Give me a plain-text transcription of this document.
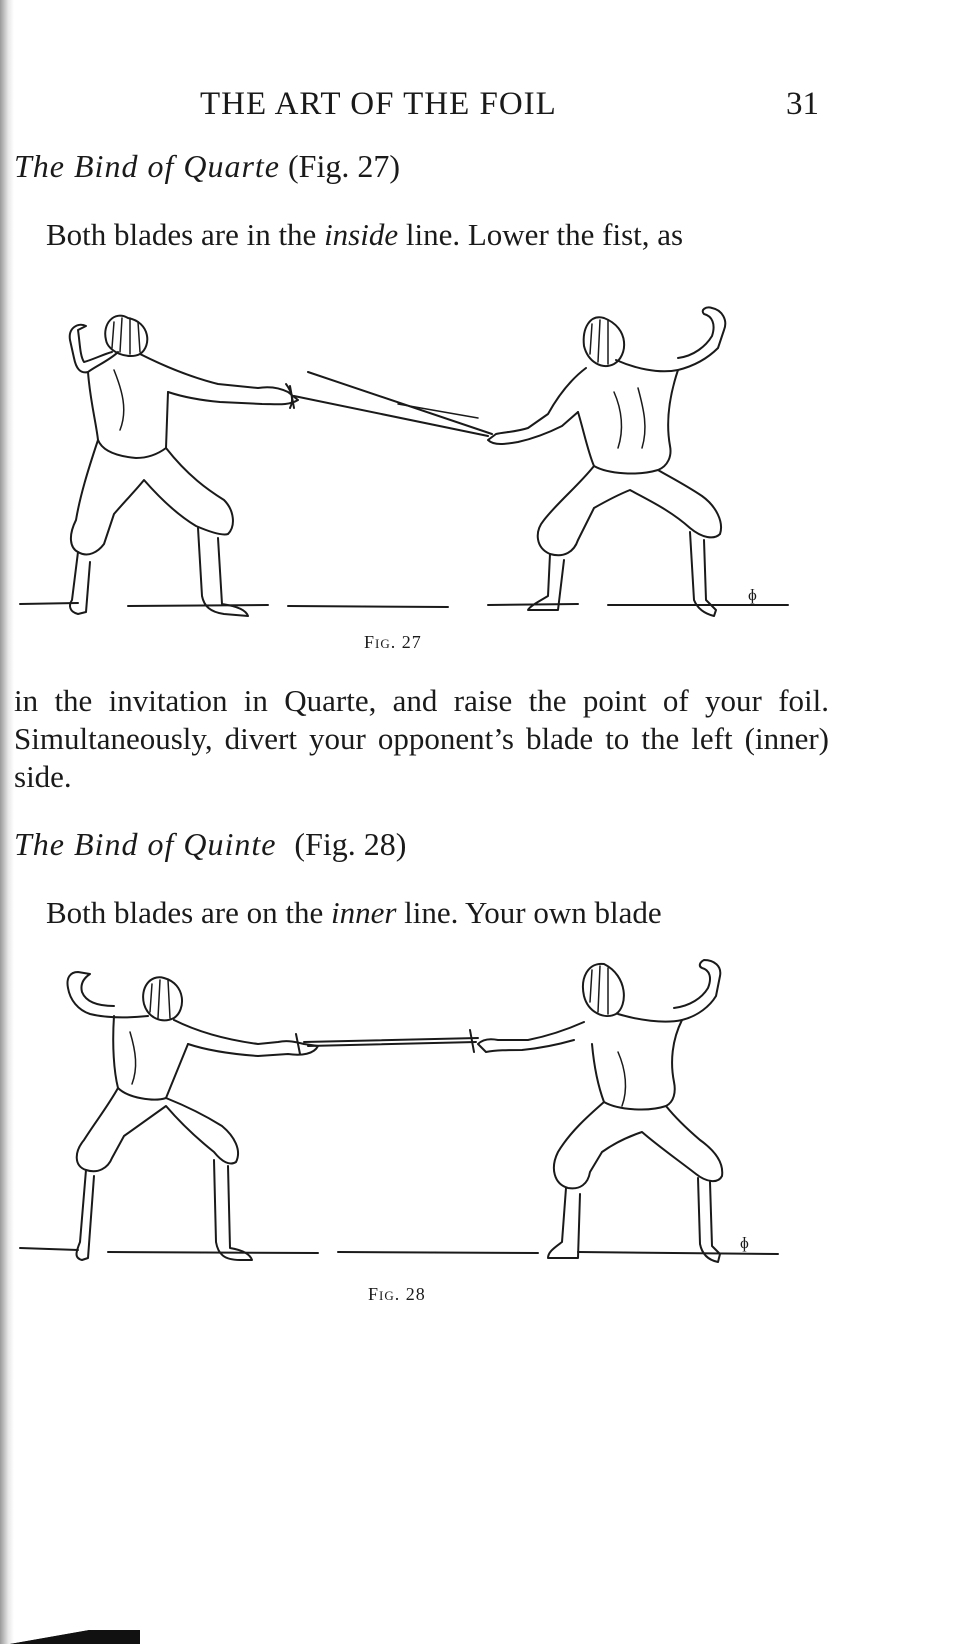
THE ART OF THE FOIL	31
The Bind of Quarte (Fig. 27)
Both blades are in the inside line. Lower the fist, as
ɸ
Fig. 27
in the invitation in Quarte, and raise the point of your foil. Simultaneously, divert your opponent’s blade to the left (inner) side.
The Bind of Quinte (Fig. 28)
Both blades are on the inner line. Your own blade
ɸ
Fig. 28
